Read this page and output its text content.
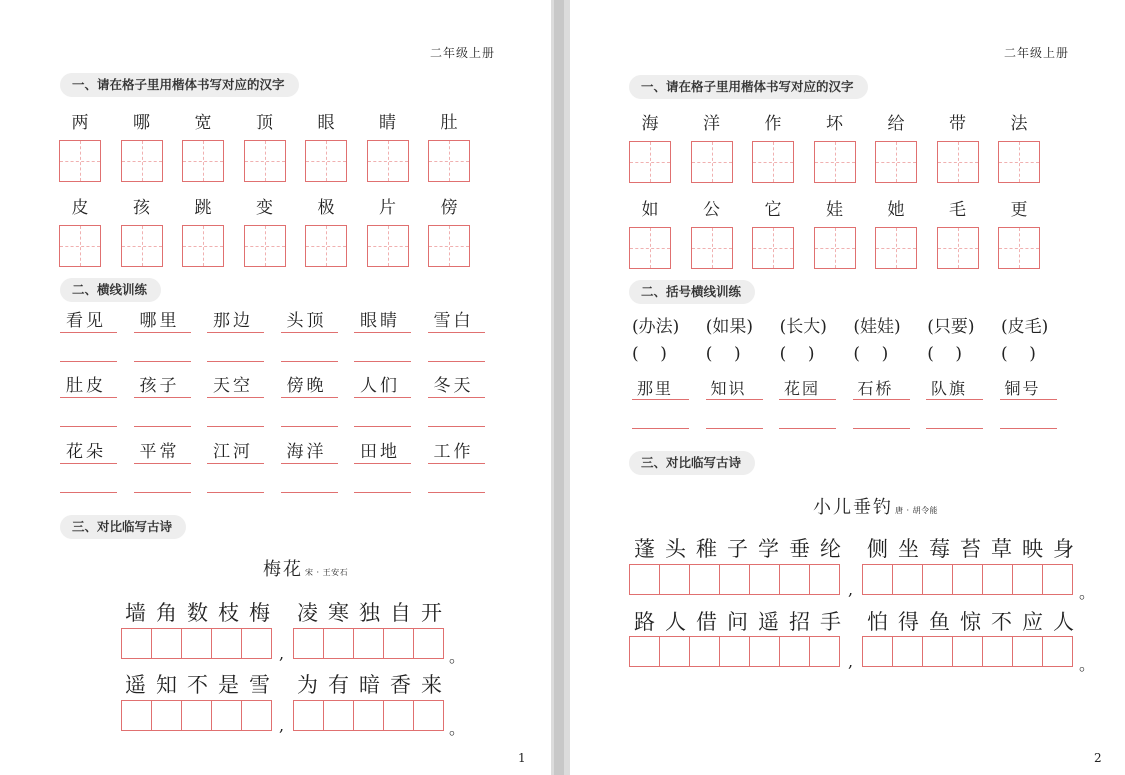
二年级上册
一、请在格子里用楷体书写对应的汉字
两	哪	宽	顶	眼	睛	肚
皮	孩	跳	变	极	片	傍
二、横线训练
看见	哪里	那边	头顶	眼睛	雪白
肚皮	孩子	天空	傍晚	人们	冬天
花朵	平常	江河	海洋	田地	工作
三、对比临写古诗
梅花 宋 · 王安石
墙 角 数 枝 梅 凌 寒 独 自 开
,	。
遥 知 不 是 雪 为 有 暗 香 来
,	。
1
二年级上册
一、请在格子里用楷体书写对应的汉字
海	洋	作	坏	给	带	法
如	公	它	娃	她	毛	更
二、括号横线训练
(办法)	(如果)	(长大)	(娃娃)	(只要)	(皮毛)
(    )	(    )	(    )	(    )	(    )	(    )
那里	知识	花园	石桥	队旗	铜号
三、对比临写古诗
小儿垂钓 唐 · 胡令能
蓬 头 稚 子 学 垂 纶 侧 坐 莓 苔 草 映 身
,	。
路 人 借 问 遥 招 手 怕 得 鱼 惊 不 应 人
,	。
2
